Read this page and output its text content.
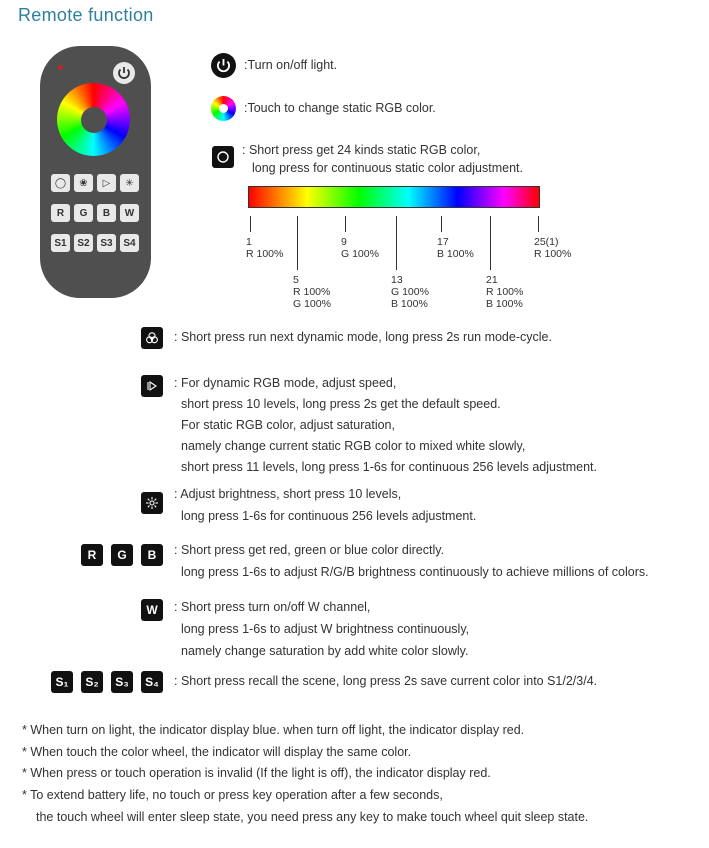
Remote function
◯	❀	▷	✳
R	G	B	W
S1	S2	S3	S4
:Turn on/off light.
:Touch to change static RGB color.
: Short press get 24 kinds static RGB color,
long press for continuous static color adjustment.
1
R 100%
5
R 100%
G 100%
9
G 100%
13
G 100%
B 100%
17
B 100%
21
R 100%
B 100%
25(1)
R 100%
: Short press run next dynamic mode, long press 2s run mode-cycle.
: For dynamic RGB mode, adjust speed,
short press 10 levels, long press 2s get the default speed.
For static RGB color, adjust saturation,
namely change current static RGB color to mixed white slowly,
short press 11 levels, long press 1-6s for continuous 256 levels adjustment.
: Adjust brightness, short press 10 levels,
long press 1-6s for continuous 256 levels adjustment.
R	G	B	: Short press get red, green or blue color directly.
long press 1-6s to adjust R/G/B brightness continuously to achieve millions of colors.
W	: Short press turn on/off W channel,
long press 1-6s to adjust W brightness continuously,
namely change saturation by add white color slowly.
S₁	S₂	S₃	S₄	: Short press recall the scene, long press 2s save current color into S1/2/3/4.
* When turn on light, the indicator display blue. when turn off light, the indicator display red.
* When touch the color wheel, the indicator will display the same color.
* When press or touch operation is invalid (If the light is off), the indicator display red.
* To extend battery life, no touch or press key operation after a few seconds,
the touch wheel will enter sleep state, you need press any key to make touch wheel quit sleep state.
